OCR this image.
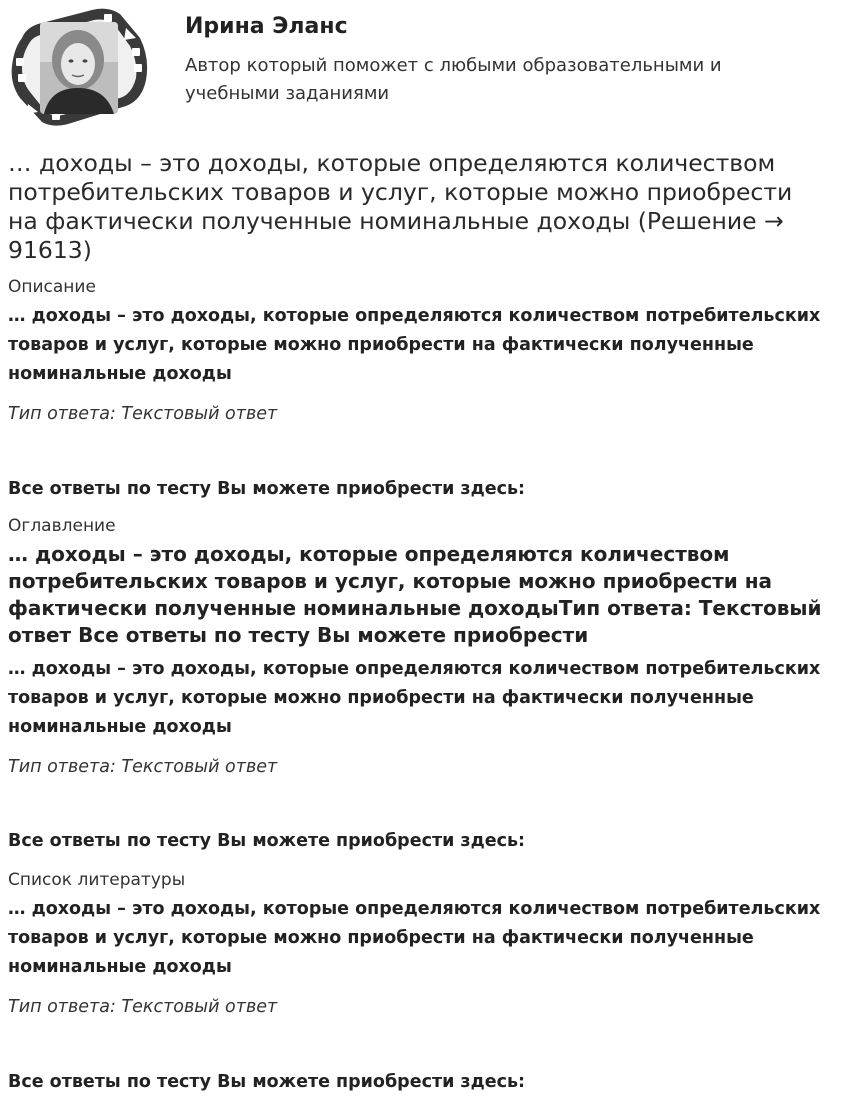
Ирина Эланс
Автор который поможет с любыми образовательными и учебными заданиями
… доходы – это доходы, которые определяются количеством потребительских товаров и услуг, которые можно приобрести на фактически полученные номинальные доходы (Решение → 91613)
Описание
… доходы – это доходы, которые определяются количеством потребительских товаров и услуг, которые можно приобрести на фактически полученные номинальные доходы
Тип ответа: Текстовый ответ
Все ответы по тесту Вы можете приобрести здесь:
Оглавление
… доходы – это доходы, которые определяются количеством потребительских товаров и услуг, которые можно приобрести на фактически полученные номинальные доходыТип ответа: Текстовый ответ Все ответы по тесту Вы можете приобрести
… доходы – это доходы, которые определяются количеством потребительских товаров и услуг, которые можно приобрести на фактически полученные номинальные доходы
Тип ответа: Текстовый ответ
Все ответы по тесту Вы можете приобрести здесь:
Список литературы
… доходы – это доходы, которые определяются количеством потребительских товаров и услуг, которые можно приобрести на фактически полученные номинальные доходы
Тип ответа: Текстовый ответ
Все ответы по тесту Вы можете приобрести здесь:
